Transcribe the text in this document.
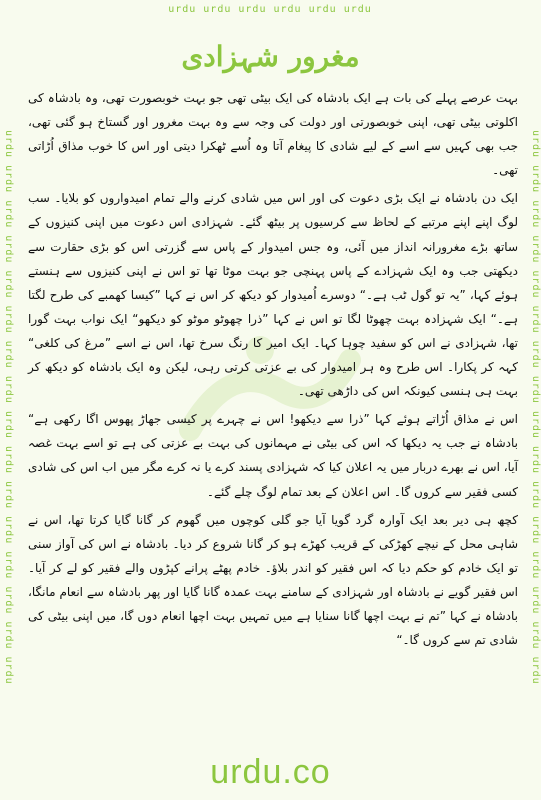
urdu urdu urdu urdu urdu urdu
urdu urdu urdu urdu urdu urdu urdu urdu urdu urdu urdu urdu urdu urdu urdu urdu	urdu urdu urdu urdu urdu urdu urdu urdu urdu urdu urdu urdu urdu urdu urdu urdu
مغرور شہزادی

بہت عرصے پہلے کی بات ہے ایک بادشاہ کی ایک بیٹی تھی جو بہت خوبصورت تھی، وہ بادشاہ کی اکلوتی بیٹی تھی، اپنی خوبصورتی اور دولت کی وجہ سے وہ بہت مغرور اور گستاخ ہو گئی تھی، جب بھی کہیں سے اسے کے لیے شادی کا پیغام آتا وہ اُسے ٹھکرا دیتی اور اس کا خوب مذاق اُڑاتی تھی۔

ایک دن بادشاہ نے ایک بڑی دعوت کی اور اس میں شادی کرنے والے تمام امیدواروں کو بلایا۔ سب لوگ اپنے اپنے مرتبے کے لحاظ سے کرسیوں پر بیٹھ گئے۔ شہزادی اس دعوت میں اپنی کنیزوں کے ساتھ بڑے مغرورانہ انداز میں آئی، وہ جس امیدوار کے پاس سے گزرتی اس کو بڑی حقارت سے دیکھتی جب وہ ایک شہزادے کے پاس پہنچی جو بہت موٹا تھا تو اس نے اپنی کنیزوں سے ہنستے ہوئے کہا، ”یہ تو گول ٹب ہے۔“ دوسرے اُمیدوار کو دیکھ کر اس نے کہا ”کیسا کھمبے کی طرح لگتا ہے۔“ ایک شہزادہ بہت چھوٹا لگا تو اس نے کہا ”ذرا چھوٹو موٹو کو دیکھو“ ایک نواب بہت گورا تھا، شہزادی نے اس کو سفید چوہا کہا۔ ایک امیر کا رنگ سرخ تھا، اس نے اسے ”مرغ کی کلغی“ کہہ کر پکارا۔ اس طرح وہ ہر امیدوار کی بے عزتی کرتی رہی، لیکن وہ ایک بادشاہ کو دیکھ کر بہت ہی ہنسی کیونکہ اس کی داڑھی تھی۔

اس نے مذاق اُڑاتے ہوئے کہا ”ذرا سے دیکھو! اس نے چہرے پر کیسی جھاڑ پھوس اگا رکھی ہے“ بادشاہ نے جب یہ دیکھا کہ اس کی بیٹی نے مہمانوں کی بہت بے عزتی کی ہے تو اسے بہت غصہ آیا، اس نے بھرے دربار میں یہ اعلان کیا کہ شہزادی پسند کرے یا نہ کرے مگر میں اب اس کی شادی کسی فقیر سے کروں گا۔ اس اعلان کے بعد تمام لوگ چلے گئے۔

کچھ ہی دیر بعد ایک آوارہ گرد گویا آیا جو گلی کوچوں میں گھوم کر گانا گایا کرتا تھا، اس نے شاہی محل کے نیچے کھڑکی کے قریب کھڑے ہو کر گانا شروع کر دیا۔ بادشاہ نے اس کی آواز سنی تو ایک خادم کو حکم دیا کہ اس فقیر کو اندر بلاؤ۔ خادم پھٹے پرانے کپڑوں والے فقیر کو لے کر آیا۔ اس فقیر گویے نے بادشاہ اور شہزادی کے سامنے بہت عمدہ گانا گایا اور پھر بادشاہ سے انعام مانگا، بادشاہ نے کہا ”تم نے بہت اچھا گانا سنایا ہے میں تمہیں بہت اچھا انعام دوں گا، میں اپنی بیٹی کی شادی تم سے کروں گا۔“

urdu.co
